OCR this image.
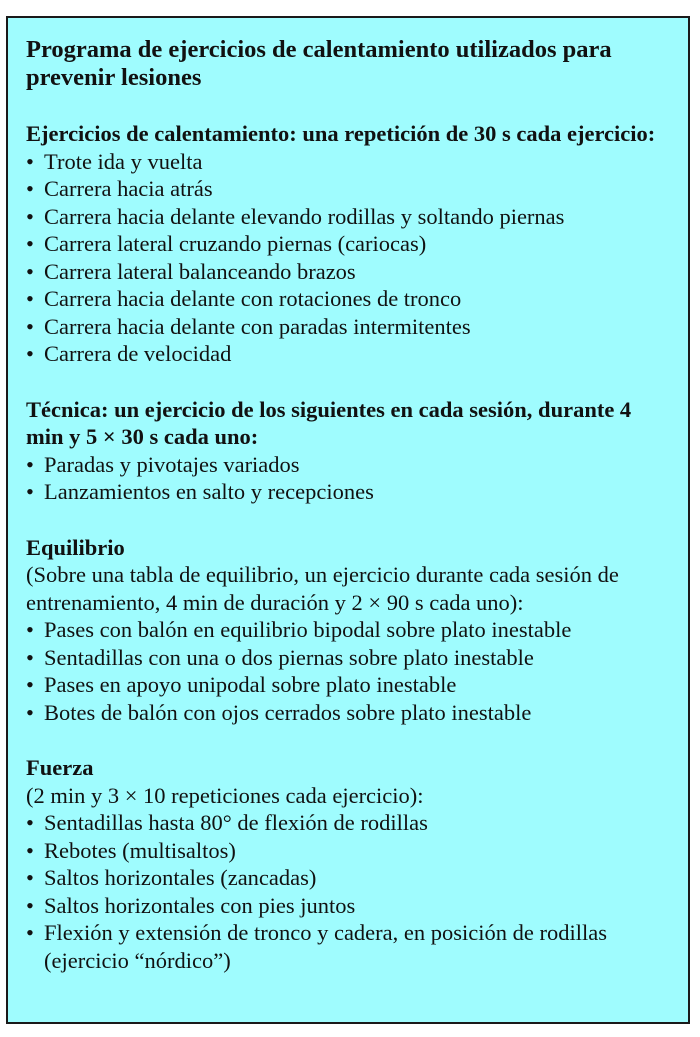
Programa de ejercicios de calentamiento utilizados para prevenir lesiones
Ejercicios de calentamiento: una repetición de 30 s cada ejercicio:
• Trote ida y vuelta
• Carrera hacia atrás
• Carrera hacia delante elevando rodillas y soltando piernas
• Carrera lateral cruzando piernas (cariocas)
• Carrera lateral balanceando brazos
• Carrera hacia delante con rotaciones de tronco
• Carrera hacia delante con paradas intermitentes
• Carrera de velocidad
Técnica: un ejercicio de los siguientes en cada sesión, durante 4 min y 5 × 30 s cada uno:
• Paradas y pivotajes variados
• Lanzamientos en salto y recepciones
Equilibrio
(Sobre una tabla de equilibrio, un ejercicio durante cada sesión de entrenamiento, 4 min de duración y 2 × 90 s cada uno):
• Pases con balón en equilibrio bipodal sobre plato inestable
• Sentadillas con una o dos piernas sobre plato inestable
• Pases en apoyo unipodal sobre plato inestable
• Botes de balón con ojos cerrados sobre plato inestable
Fuerza
(2 min y 3 × 10 repeticiones cada ejercicio):
• Sentadillas hasta 80° de flexión de rodillas
• Rebotes (multisaltos)
• Saltos horizontales (zancadas)
• Saltos horizontales con pies juntos
• Flexión y extensión de tronco y cadera, en posición de rodillas (ejercicio “nórdico”)
